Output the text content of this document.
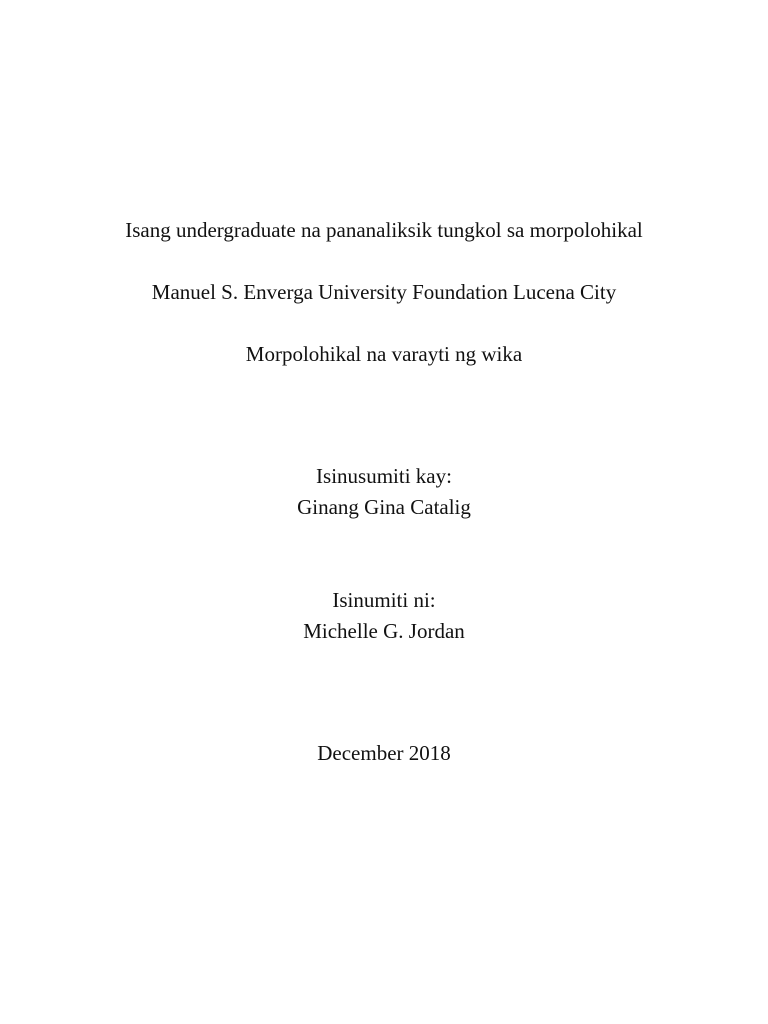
Isang undergraduate na pananaliksik tungkol sa morpolohikal
Manuel S. Enverga University Foundation Lucena City
Morpolohikal na varayti ng wika
Isinusumiti kay:
Ginang Gina Catalig
Isinumiti ni:
Michelle G. Jordan
December 2018
